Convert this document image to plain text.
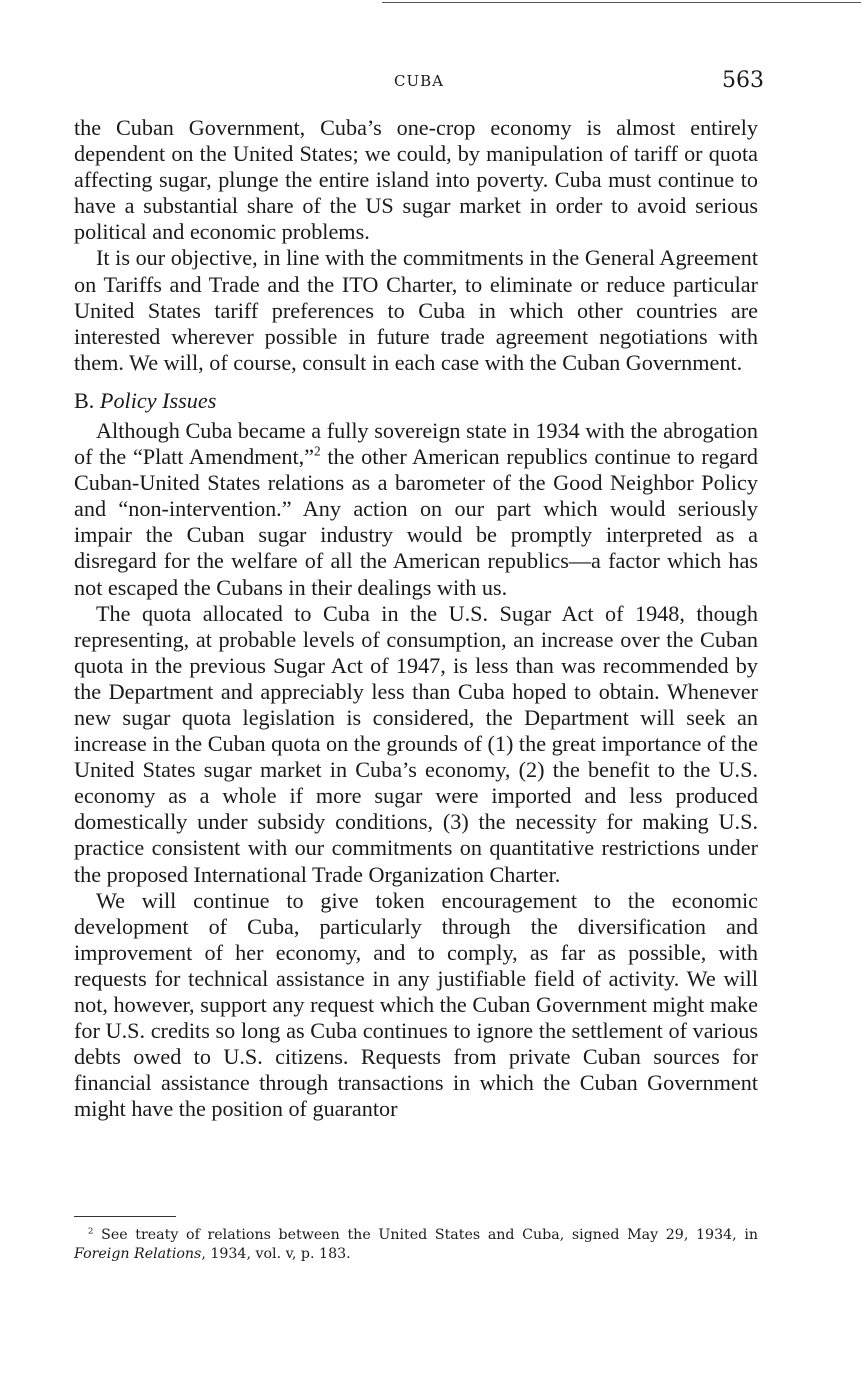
CUBA	563

the Cuban Government, Cuba’s one-crop economy is almost entirely dependent on the United States; we could, by manipulation of tariff or quota affecting sugar, plunge the entire island into poverty. Cuba must continue to have a substantial share of the US sugar market in order to avoid serious political and economic problems.

It is our objective, in line with the commitments in the General Agreement on Tariffs and Trade and the ITO Charter, to eliminate or reduce particular United States tariff preferences to Cuba in which other countries are interested wherever possible in future trade agreement negotiations with them. We will, of course, consult in each case with the Cuban Government.

B. Policy Issues

Although Cuba became a fully sovereign state in 1934 with the abrogation of the “Platt Amendment,”$^2$ the other American republics continue to regard Cuban-United States relations as a barometer of the Good Neighbor Policy and “non-intervention.” Any action on our part which would seriously impair the Cuban sugar industry would be promptly interpreted as a disregard for the welfare of all the American republics—a factor which has not escaped the Cubans in their dealings with us.

The quota allocated to Cuba in the U.S. Sugar Act of 1948, though representing, at probable levels of consumption, an increase over the Cuban quota in the previous Sugar Act of 1947, is less than was recommended by the Department and appreciably less than Cuba hoped to obtain. Whenever new sugar quota legislation is considered, the Department will seek an increase in the Cuban quota on the grounds of (1) the great importance of the United States sugar market in Cuba’s economy, (2) the benefit to the U.S. economy as a whole if more sugar were imported and less produced domestically under subsidy conditions, (3) the necessity for making U.S. practice consistent with our commitments on quantitative restrictions under the proposed International Trade Organization Charter.

We will continue to give token encouragement to the economic development of Cuba, particularly through the diversification and improvement of her economy, and to comply, as far as possible, with requests for technical assistance in any justifiable field of activity. We will not, however, support any request which the Cuban Government might make for U.S. credits so long as Cuba continues to ignore the settlement of various debts owed to U.S. citizens. Requests from private Cuban sources for financial assistance through transactions in which the Cuban Government might have the position of guarantor

$^2$ See treaty of relations between the United States and Cuba, signed May 29, 1934, in Foreign Relations, 1934, vol. v, p. 183.
